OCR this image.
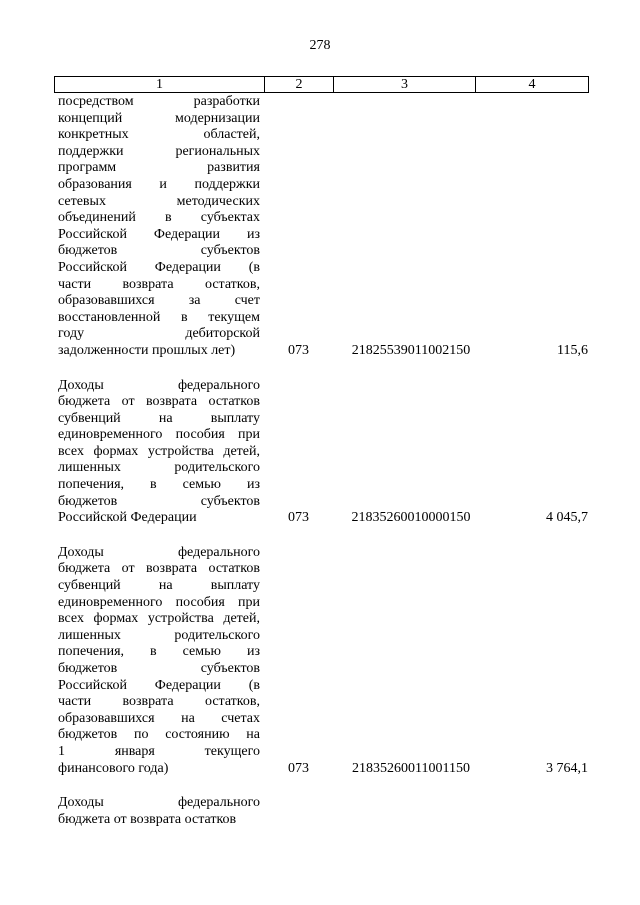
278
1	2	3	4
посредством разработки
концепций модернизации
конкретных областей,
поддержки региональных
программ развития
образования и поддержки
сетевых методических
объединений в субъектах
Российской Федерации из
бюджетов субъектов
Российской Федерации (в
части возврата остатков,
образовавшихся за счет
восстановленной в текущем
году дебиторской
задолженности прошлых лет)	073	21825539011002150	115,6
Доходы федерального
бюджета от возврата остатков
субвенций на выплату
единовременного пособия при
всех формах устройства детей,
лишенных родительского
попечения, в семью из
бюджетов субъектов
Российской Федерации	073	21835260010000150	4 045,7
Доходы федерального
бюджета от возврата остатков
субвенций на выплату
единовременного пособия при
всех формах устройства детей,
лишенных родительского
попечения, в семью из
бюджетов субъектов
Российской Федерации (в
части возврата остатков,
образовавшихся на счетах
бюджетов по состоянию на
1 января текущего
финансового года)	073	21835260011001150	3 764,1
Доходы федерального
бюджета от возврата остатков
